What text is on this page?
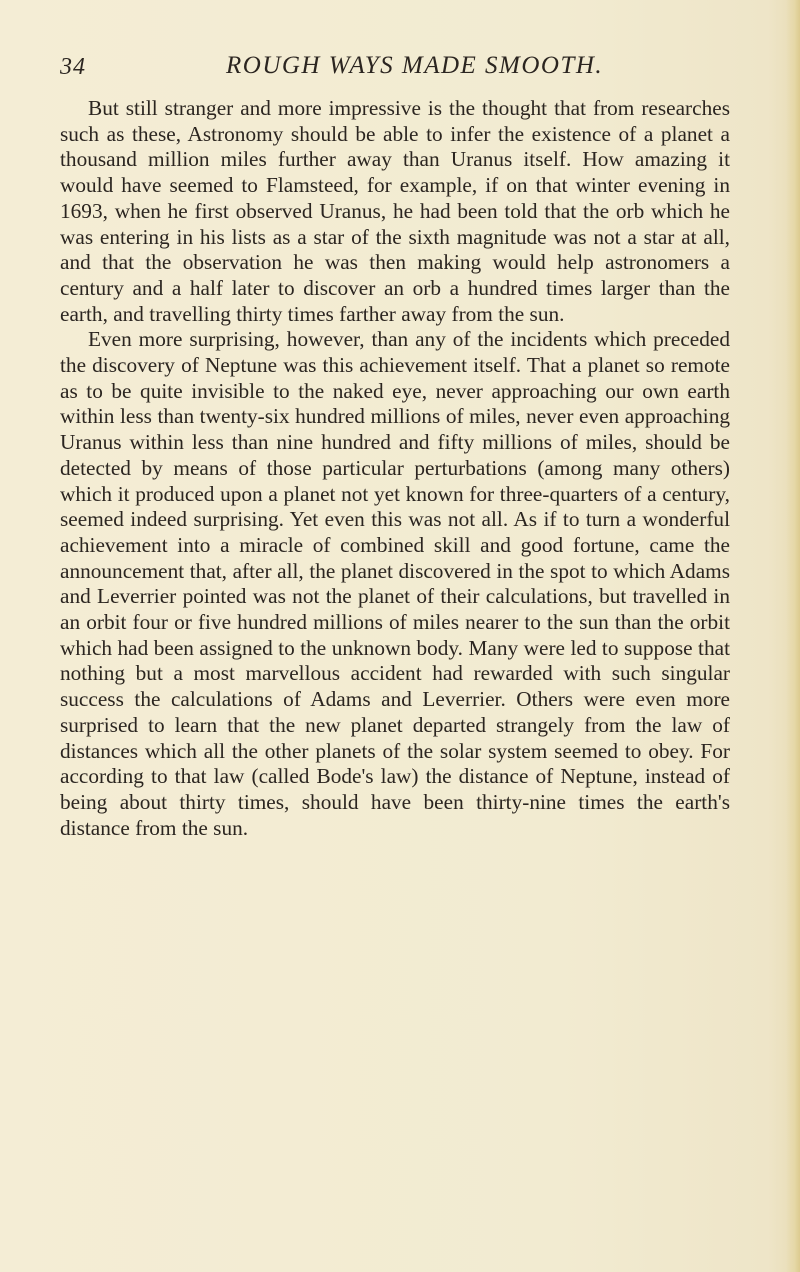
34	ROUGH WAYS MADE SMOOTH.

But still stranger and more impressive is the thought that from researches such as these, Astronomy should be able to infer the existence of a planet a thousand million miles further away than Uranus itself. How amazing it would have seemed to Flamsteed, for example, if on that winter evening in 1693, when he first observed Uranus, he had been told that the orb which he was entering in his lists as a star of the sixth magnitude was not a star at all, and that the observation he was then making would help astronomers a century and a half later to discover an orb a hundred times larger than the earth, and travelling thirty times farther away from the sun.

Even more surprising, however, than any of the incidents which preceded the discovery of Neptune was this achievement itself. That a planet so remote as to be quite invisible to the naked eye, never approaching our own earth within less than twenty-six hundred millions of miles, never even approaching Uranus within less than nine hundred and fifty millions of miles, should be detected by means of those particular perturbations (among many others) which it produced upon a planet not yet known for three-quarters of a century, seemed indeed surprising. Yet even this was not all. As if to turn a wonderful achievement into a miracle of combined skill and good fortune, came the announcement that, after all, the planet discovered in the spot to which Adams and Leverrier pointed was not the planet of their calculations, but travelled in an orbit four or five hundred millions of miles nearer to the sun than the orbit which had been assigned to the unknown body. Many were led to suppose that nothing but a most marvellous accident had rewarded with such singular success the calculations of Adams and Leverrier. Others were even more surprised to learn that the new planet departed strangely from the law of distances which all the other planets of the solar system seemed to obey. For according to that law (called Bode's law) the distance of Neptune, instead of being about thirty times, should have been thirty-nine times the earth's distance from the sun.
